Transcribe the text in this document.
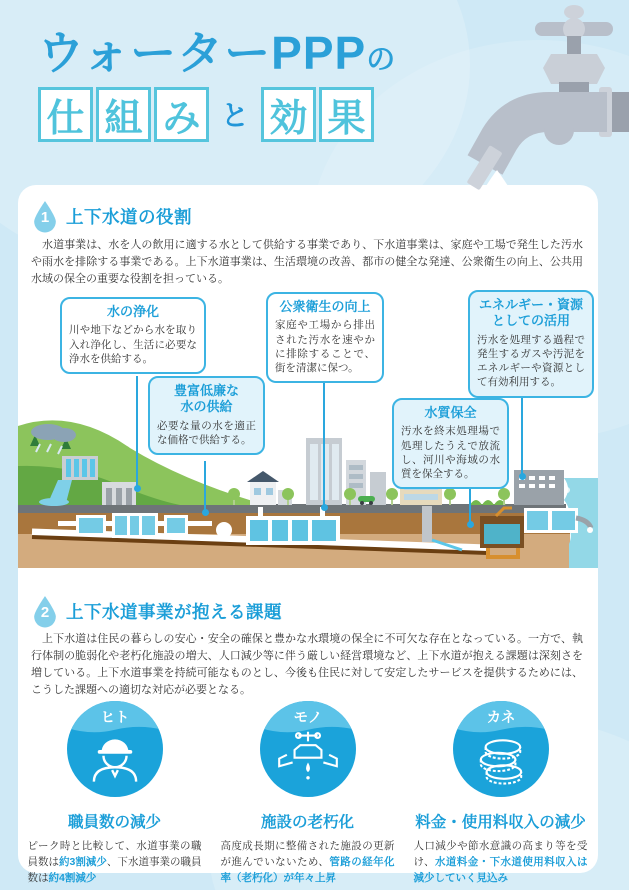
ウォーターPPPの
仕 組 み と 効 果
1 上下水道の役割

　水道事業は、水を人の飲用に適する水として供給する事業であり、下水道事業は、家庭や工場で発生した汚水や雨水を排除する事業である。上下水道事業は、生活環境の改善、都市の健全な発達、公衆衛生の向上、公共用水域の保全の重要な役割を担っている。

水の浄化
川や地下などから水を取り入れ浄化し、生活に必要な浄水を供給する。
公衆衛生の向上
家庭や工場から排出された汚水を速やかに排除することで、街を清潔に保つ。
エネルギー・資源
としての活用
汚水を処理する過程で発生するガスや汚泥をエネルギーや資源として有効利用する。
豊富低廉な
水の供給
必要な量の水を適正な価格で供給する。
水質保全
汚水を終末処理場で処理したうえで放流し、河川や海域の水質を保全する。
2 上下水道事業が抱える課題

　上下水道は住民の暮らしの安心・安全の確保と豊かな水環境の保全に不可欠な存在となっている。一方で、執行体制の脆弱化や老朽化施設の増大、人口減少等に伴う厳しい経営環境など、上下水道が抱える課題は深刻さを増している。上下水道事業を持続可能なものとし、今後も住民に対して安定したサービスを提供するためには、こうした課題への適切な対応が必要となる。

ヒト
職員数の減少

ピーク時と比較して、水道事業の職員数は約3割減少、下水道事業の職員数は約4割減少

モノ
施設の老朽化

高度成長期に整備された施設の更新が進んでいないため、管路の経年化率（老朽化）が年々上昇

カネ
料金・使用料収入の減少

人口減少や節水意識の高まり等を受け、水道料金・下水道使用料収入は減少していく見込み
